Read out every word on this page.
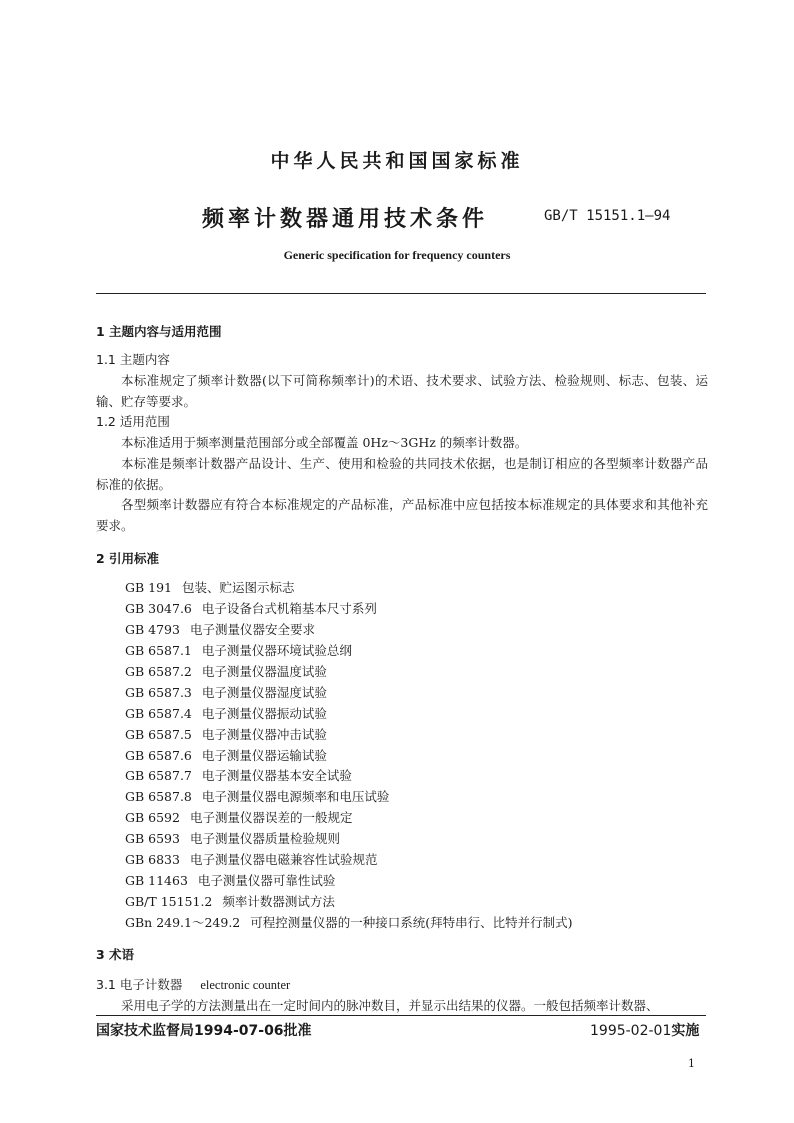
中华人民共和国国家标准
频率计数器通用技术条件	GB/T 15151.1—94
Generic specification for frequency counters
1 主题内容与适用范围
1.1 主题内容
本标准规定了频率计数器(以下可简称频率计)的术语、技术要求、试验方法、检验规则、标志、包装、运输、贮存等要求。
1.2 适用范围
本标准适用于频率测量范围部分或全部覆盖 0Hz～3GHz 的频率计数器。
本标准是频率计数器产品设计、生产、使用和检验的共同技术依据，也是制订相应的各型频率计数器产品标准的依据。
各型频率计数器应有符合本标准规定的产品标准，产品标准中应包括按本标准规定的具体要求和其他补充要求。
2 引用标准
GB 191 包装、贮运图示标志
GB 3047.6 电子设备台式机箱基本尺寸系列
GB 4793 电子测量仪器安全要求
GB 6587.1 电子测量仪器环境试验总纲
GB 6587.2 电子测量仪器温度试验
GB 6587.3 电子测量仪器湿度试验
GB 6587.4 电子测量仪器振动试验
GB 6587.5 电子测量仪器冲击试验
GB 6587.6 电子测量仪器运输试验
GB 6587.7 电子测量仪器基本安全试验
GB 6587.8 电子测量仪器电源频率和电压试验
GB 6592 电子测量仪器误差的一般规定
GB 6593 电子测量仪器质量检验规则
GB 6833 电子测量仪器电磁兼容性试验规范
GB 11463 电子测量仪器可靠性试验
GB/T 15151.2 频率计数器测试方法
GBn 249.1～249.2 可程控测量仪器的一种接口系统(拜特串行、比特并行制式)
3 术语
3.1 电子计数器 electronic counter
采用电子学的方法测量出在一定时间内的脉冲数目，并显示出结果的仪器。一般包括频率计数器、
国家技术监督局1994-07-06批准	1995-02-01实施
1
